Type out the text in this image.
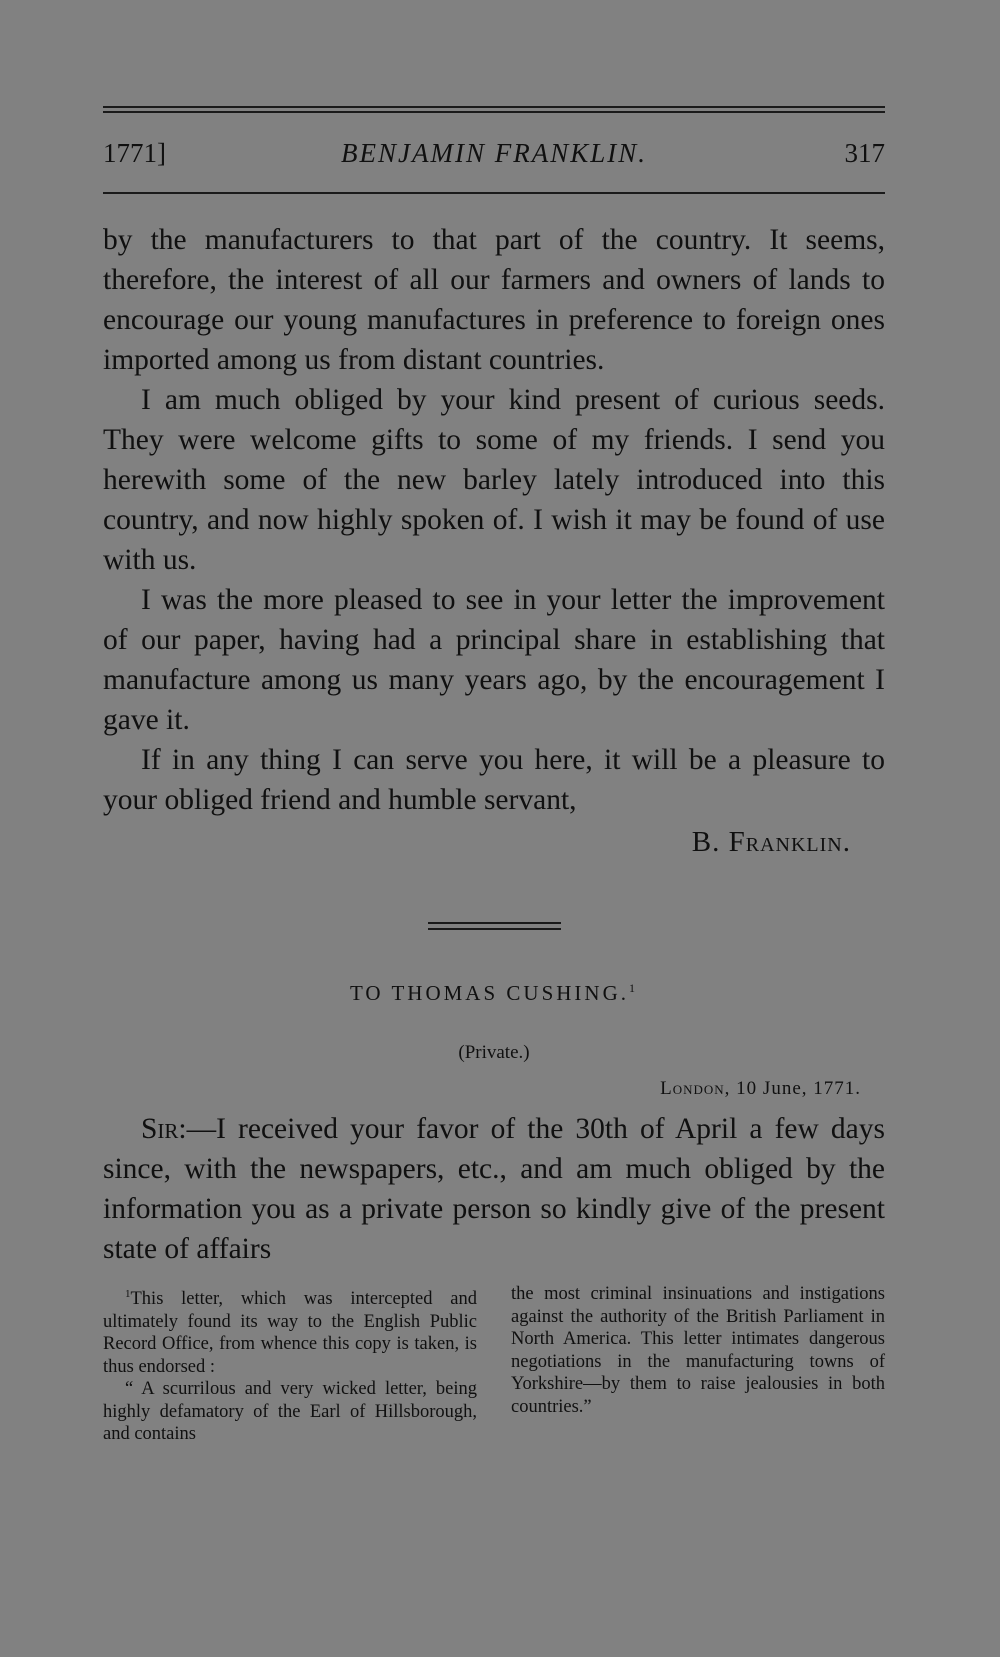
1771]	BENJAMIN FRANKLIN.	317

by the manufacturers to that part of the country. It seems, therefore, the interest of all our farmers and owners of lands to encourage our young manufactures in preference to foreign ones imported among us from distant countries.

I am much obliged by your kind present of curious seeds. They were welcome gifts to some of my friends. I send you herewith some of the new barley lately introduced into this country, and now highly spoken of. I wish it may be found of use with us.

I was the more pleased to see in your letter the improvement of our paper, having had a principal share in establishing that manufacture among us many years ago, by the encouragement I gave it.

If in any thing I can serve you here, it will be a pleasure to your obliged friend and humble servant,

B. Franklin.
TO THOMAS CUSHING.$^1$
(Private.)
London, 10 June, 1771.

Sir:—I received your favor of the 30th of April a few days since, with the newspapers, etc., and am much obliged by the information you as a private person so kindly give of the present state of affairs

$^1$This letter, which was intercepted and ultimately found its way to the English Public Record Office, from whence this copy is taken, is thus endorsed :

“ A scurrilous and very wicked letter, being highly defamatory of the Earl of Hillsborough, and contains

the most criminal insinuations and instigations against the authority of the British Parliament in North America. This letter intimates dangerous negotiations in the manufacturing towns of Yorkshire—by them to raise jealousies in both countries.”
